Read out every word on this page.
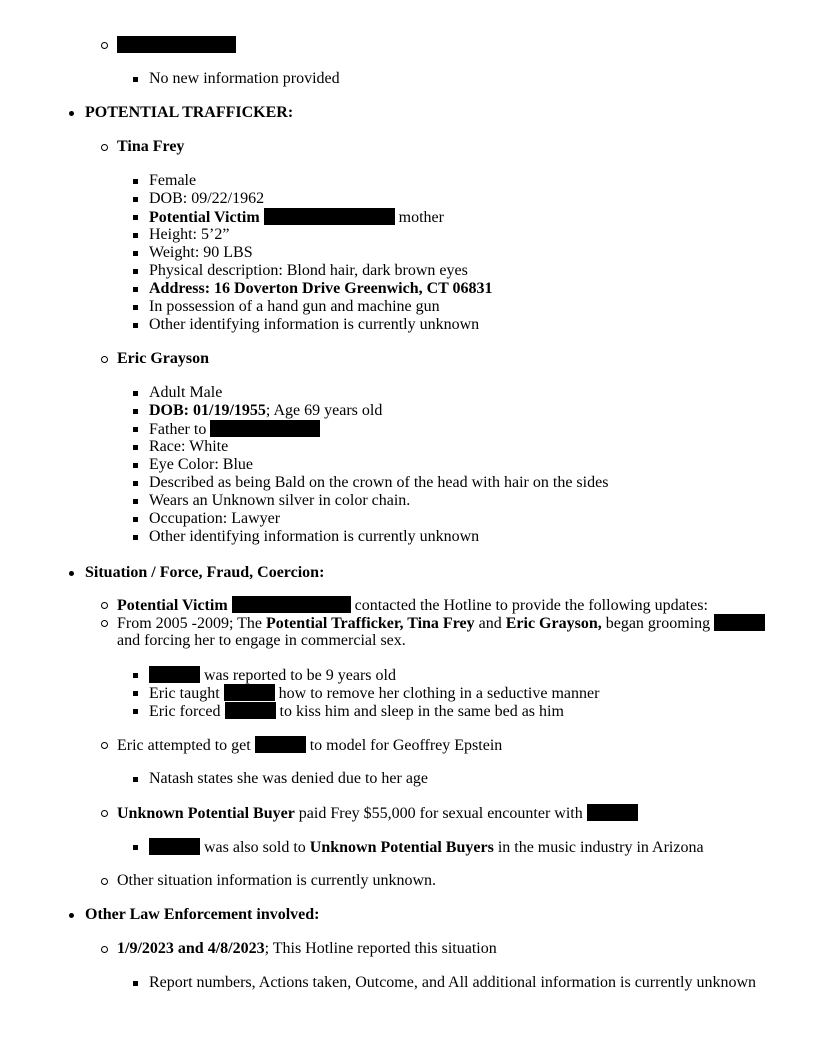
No new information provided
POTENTIAL TRAFFICKER:
Tina Frey
Female
DOB: 09/22/1962
Potential Victim	mother
Height: 5’2”
Weight: 90 LBS
Physical description: Blond hair, dark brown eyes
Address: 16 Doverton Drive Greenwich, CT 06831
In possession of a hand gun and machine gun
Other identifying information is currently unknown
Eric Grayson
Adult Male
DOB: 01/19/1955; Age 69 years old
Father to
Race: White
Eye Color: Blue
Described as being Bald on the crown of the head with hair on the sides
Wears an Unknown silver in color chain.
Occupation: Lawyer
Other identifying information is currently unknown
Situation / Force, Fraud, Coercion:
Potential Victim	contacted the Hotline to provide the following updates:
From 2005 -2009; The Potential Trafficker, Tina Frey and Eric Grayson, began grooming
and forcing her to engage in commercial sex.
was reported to be 9 years old
Eric taught	how to remove her clothing in a seductive manner
Eric forced	to kiss him and sleep in the same bed as him
Eric attempted to get	to model for Geoffrey Epstein
Natash states she was denied due to her age
Unknown Potential Buyer paid Frey $55,000 for sexual encounter with
was also sold to Unknown Potential Buyers in the music industry in Arizona
Other situation information is currently unknown.
Other Law Enforcement involved:
1/9/2023 and 4/8/2023; This Hotline reported this situation
Report numbers, Actions taken, Outcome, and All additional information is currently unknown
